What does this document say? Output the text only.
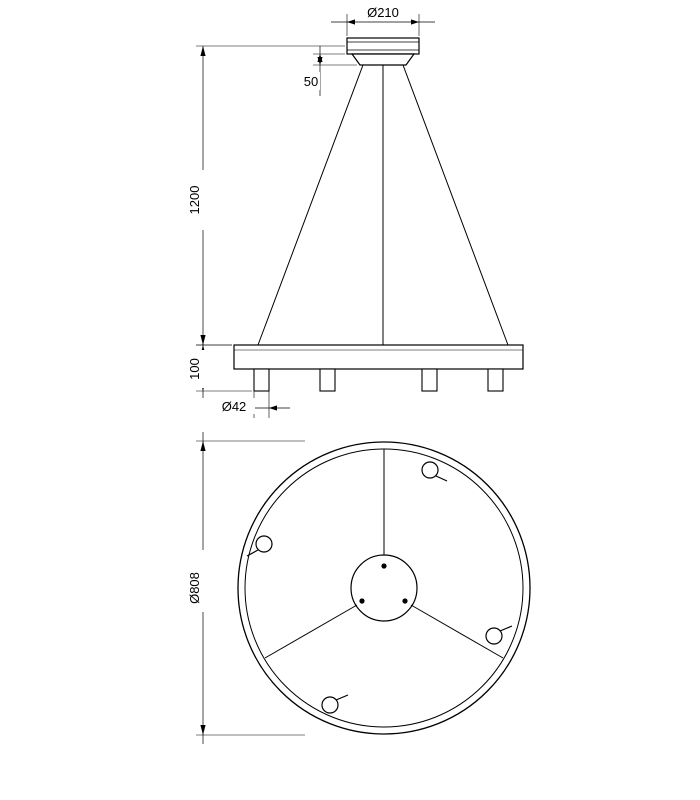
Ø210
50
1200
100
Ø42
Ø808
